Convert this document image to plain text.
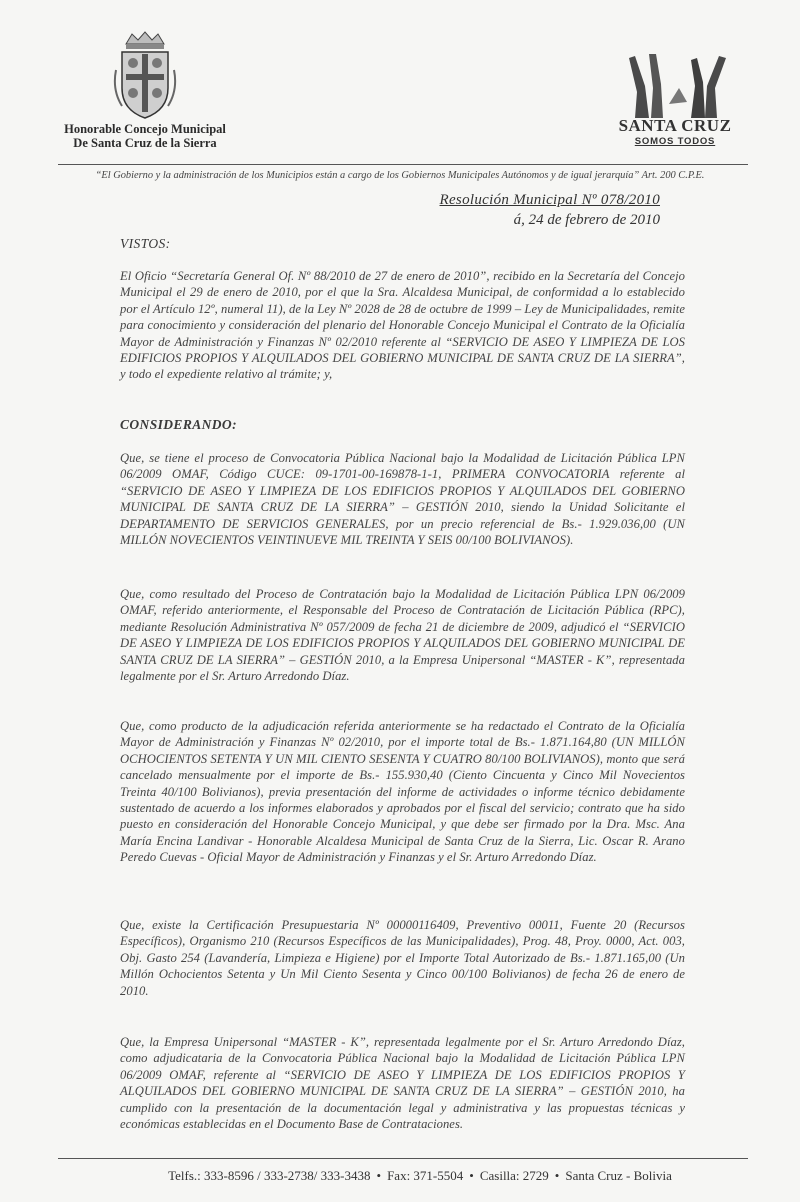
Honorable Concejo Municipal
De Santa Cruz de la Sierra
SANTA CRUZ
SOMOS TODOS
“El Gobierno y la administración de los Municipios están a cargo de los Gobiernos Municipales Autónomos y de igual jerarquía” Art. 200 C.P.E.
Resolución Municipal Nº 078/2010
á, 24 de febrero de 2010
VISTOS:
El Oficio “Secretaría General Of. Nº 88/2010 de 27 de enero de 2010”, recibido en la Secretaría del Concejo Municipal el 29 de enero de 2010, por el que la Sra. Alcaldesa Municipal, de conformidad a lo establecido por el Artículo 12º, numeral 11), de la Ley Nº 2028 de 28 de octubre de 1999 – Ley de Municipalidades, remite para conocimiento y consideración del plenario del Honorable Concejo Municipal el Contrato de la Oficialía Mayor de Administración y Finanzas Nº 02/2010 referente al “SERVICIO DE ASEO Y LIMPIEZA DE LOS EDIFICIOS PROPIOS Y ALQUILADOS DEL GOBIERNO MUNICIPAL DE SANTA CRUZ DE LA SIERRA”, y todo el expediente relativo al trámite; y,
CONSIDERANDO:
Que, se tiene el proceso de Convocatoria Pública Nacional bajo la Modalidad de Licitación Pública LPN 06/2009 OMAF, Código CUCE: 09-1701-00-169878-1-1, PRIMERA CONVOCATORIA referente al “SERVICIO DE ASEO Y LIMPIEZA DE LOS EDIFICIOS PROPIOS Y ALQUILADOS DEL GOBIERNO MUNICIPAL DE SANTA CRUZ DE LA SIERRA” – GESTIÓN 2010, siendo la Unidad Solicitante el DEPARTAMENTO DE SERVICIOS GENERALES, por un precio referencial de Bs.- 1.929.036,00 (UN MILLÓN NOVECIENTOS VEINTINUEVE MIL TREINTA Y SEIS 00/100 BOLIVIANOS).
Que, como resultado del Proceso de Contratación bajo la Modalidad de Licitación Pública LPN 06/2009 OMAF, referido anteriormente, el Responsable del Proceso de Contratación de Licitación Pública (RPC), mediante Resolución Administrativa Nº 057/2009 de fecha 21 de diciembre de 2009, adjudicó el “SERVICIO DE ASEO Y LIMPIEZA DE LOS EDIFICIOS PROPIOS Y ALQUILADOS DEL GOBIERNO MUNICIPAL DE SANTA CRUZ DE LA SIERRA” – GESTIÓN 2010, a la Empresa Unipersonal “MASTER - K”, representada legalmente por el Sr. Arturo Arredondo Díaz.
Que, como producto de la adjudicación referida anteriormente se ha redactado el Contrato de la Oficialía Mayor de Administración y Finanzas Nº 02/2010, por el importe total de Bs.- 1.871.164,80 (UN MILLÓN OCHOCIENTOS SETENTA Y UN MIL CIENTO SESENTA Y CUATRO 80/100 BOLIVIANOS), monto que será cancelado mensualmente por el importe de Bs.- 155.930,40 (Ciento Cincuenta y Cinco Mil Novecientos Treinta 40/100 Bolivianos), previa presentación del informe de actividades o informe técnico debidamente sustentado de acuerdo a los informes elaborados y aprobados por el fiscal del servicio; contrato que ha sido puesto en consideración del Honorable Concejo Municipal, y que debe ser firmado por la Dra. Msc. Ana María Encina Landivar - Honorable Alcaldesa Municipal de Santa Cruz de la Sierra, Lic. Oscar R. Arano Peredo Cuevas - Oficial Mayor de Administración y Finanzas y el Sr. Arturo Arredondo Díaz.
Que, existe la Certificación Presupuestaria Nº 00000116409, Preventivo 00011, Fuente 20 (Recursos Específicos), Organismo 210 (Recursos Específicos de las Municipalidades), Prog. 48, Proy. 0000, Act. 003, Obj. Gasto 254 (Lavandería, Limpieza e Higiene) por el Importe Total Autorizado de Bs.- 1.871.165,00 (Un Millón Ochocientos Setenta y Un Mil Ciento Sesenta y Cinco 00/100 Bolivianos) de fecha 26 de enero de 2010.
Que, la Empresa Unipersonal “MASTER - K”, representada legalmente por el Sr. Arturo Arredondo Díaz, como adjudicataria de la Convocatoria Pública Nacional bajo la Modalidad de Licitación Pública LPN 06/2009 OMAF, referente al “SERVICIO DE ASEO Y LIMPIEZA DE LOS EDIFICIOS PROPIOS Y ALQUILADOS DEL GOBIERNO MUNICIPAL DE SANTA CRUZ DE LA SIERRA” – GESTIÓN 2010, ha cumplido con la presentación de la documentación legal y administrativa y las propuestas técnicas y económicas establecidas en el Documento Base de Contrataciones.
Telfs.: 333-8596 / 333-2738/ 333-3438 • Fax: 371-5504 • Casilla: 2729 • Santa Cruz - Bolivia
